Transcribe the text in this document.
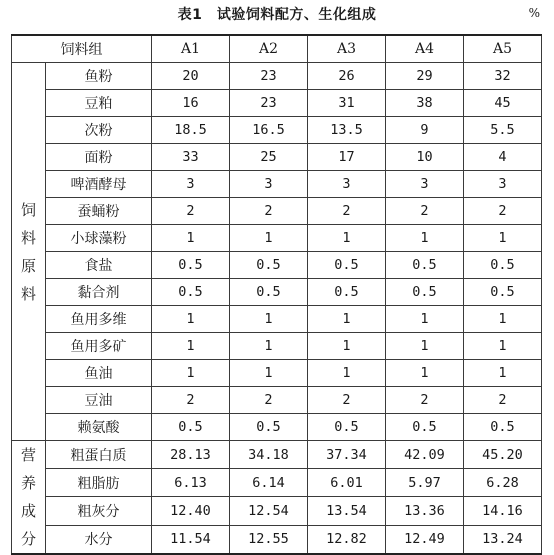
表1　试验饲料配方、生化组成	%
饲料组		A1	A2	A3	A4	A5
饲
料
原
料	鱼粉	20	23	26	29	32
	豆粕	16	23	31	38	45
	次粉	18.5	16.5	13.5	9	5.5
	面粉	33	25	17	10	4
	啤酒酵母	3	3	3	3	3
	蚕蛹粉	2	2	2	2	2
	小球藻粉	1	1	1	1	1
	食盐	0.5	0.5	0.5	0.5	0.5
	黏合剂	0.5	0.5	0.5	0.5	0.5
	鱼用多维	1	1	1	1	1
	鱼用多矿	1	1	1	1	1
	鱼油	1	1	1	1	1
	豆油	2	2	2	2	2
	赖氨酸	0.5	0.5	0.5	0.5	0.5
营
养
成
分	粗蛋白质	28.13	34.18	37.34	42.09	45.20
	粗脂肪	6.13	6.14	6.01	5.97	6.28
	粗灰分	12.40	12.54	13.54	13.36	14.16
	水分	11.54	12.55	12.82	12.49	13.24
